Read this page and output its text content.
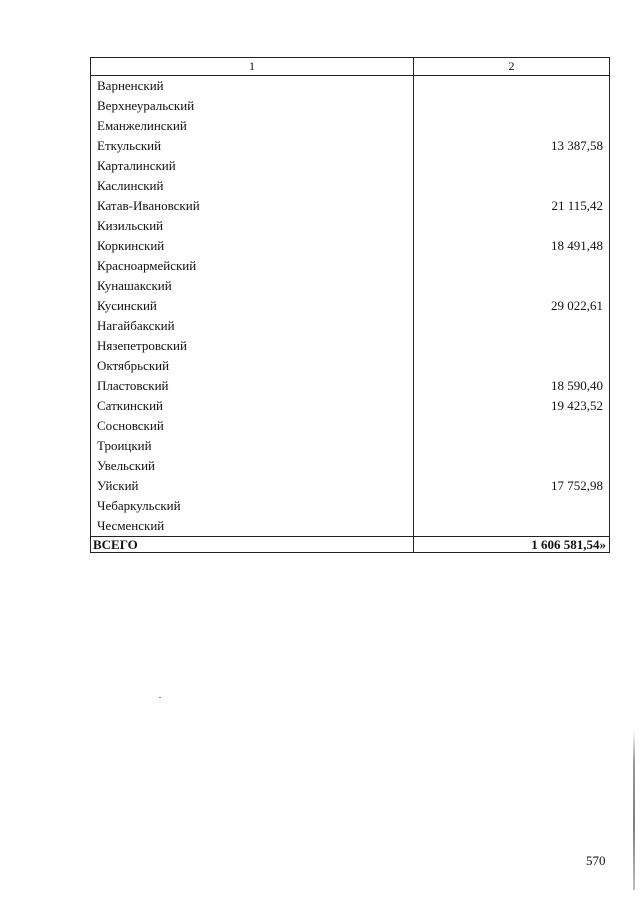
1	2
Варненский	
Верхнеуральский	
Еманжелинский	
Еткульский	13 387,58
Карталинский	
Каслинский	
Катав-Ивановский	21 115,42
Кизильский	
Коркинский	18 491,48
Красноармейский	
Кунашакский	
Кусинский	29 022,61
Нагайбакский	
Нязепетровский	
Октябрьский	
Пластовский	18 590,40
Саткинский	19 423,52
Сосновский	
Троицкий	
Увельский	
Уйский	17 752,98
Чебаркульский	
Чесменский	
ВСЕГО	1 606 581,54»
570
